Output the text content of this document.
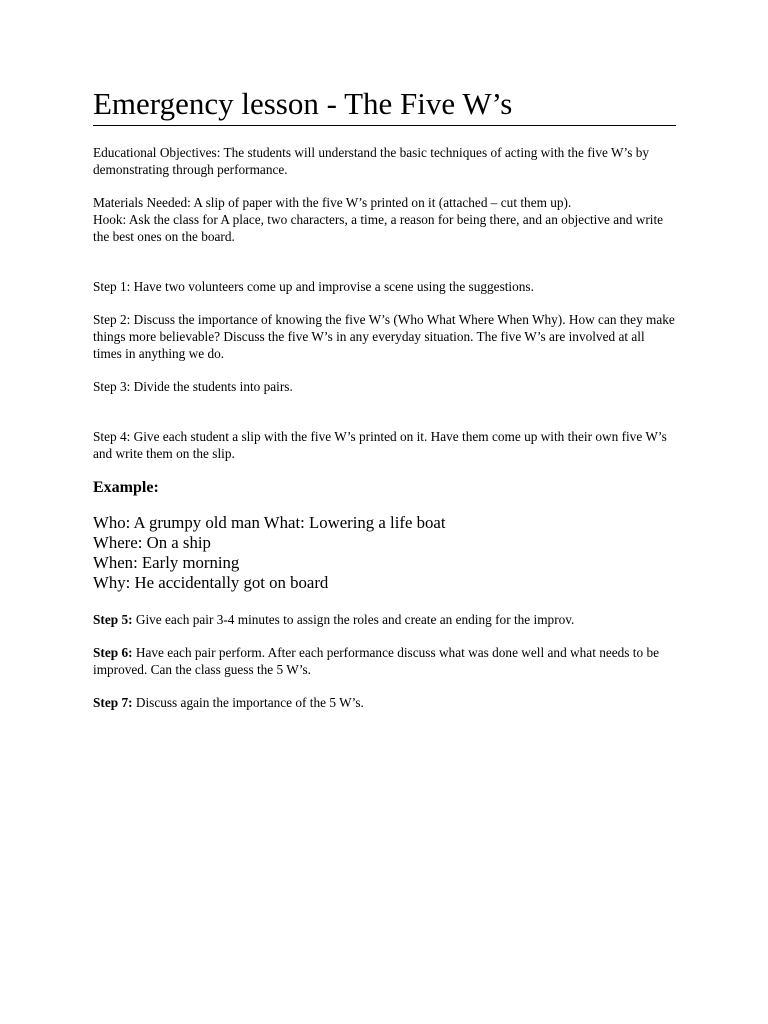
Emergency lesson - The Five W’s

Educational Objectives: The students will understand the basic techniques of acting with the five W’s by demonstrating through performance.

Materials Needed: A slip of paper with the five W’s printed on it (attached – cut them up).

Hook: Ask the class for A place, two characters, a time, a reason for being there, and an objective and write the best ones on the board.

Step 1: Have two volunteers come up and improvise a scene using the suggestions.

Step 2: Discuss the importance of knowing the five W’s (Who What Where When Why). How can they make things more believable? Discuss the five W’s in any everyday situation. The five W’s are involved at all times in anything we do.

Step 3: Divide the students into pairs.

Step 4: Give each student a slip with the five W’s printed on it. Have them come up with their own five W’s and write them on the slip.

Example:

Who: A grumpy old man What: Lowering a life boat

Where: On a ship

When: Early morning

Why: He accidentally got on board

Step 5: Give each pair 3-4 minutes to assign the roles and create an ending for the improv.

Step 6: Have each pair perform. After each performance discuss what was done well and what needs to be improved. Can the class guess the 5 W’s.

Step 7: Discuss again the importance of the 5 W’s.
